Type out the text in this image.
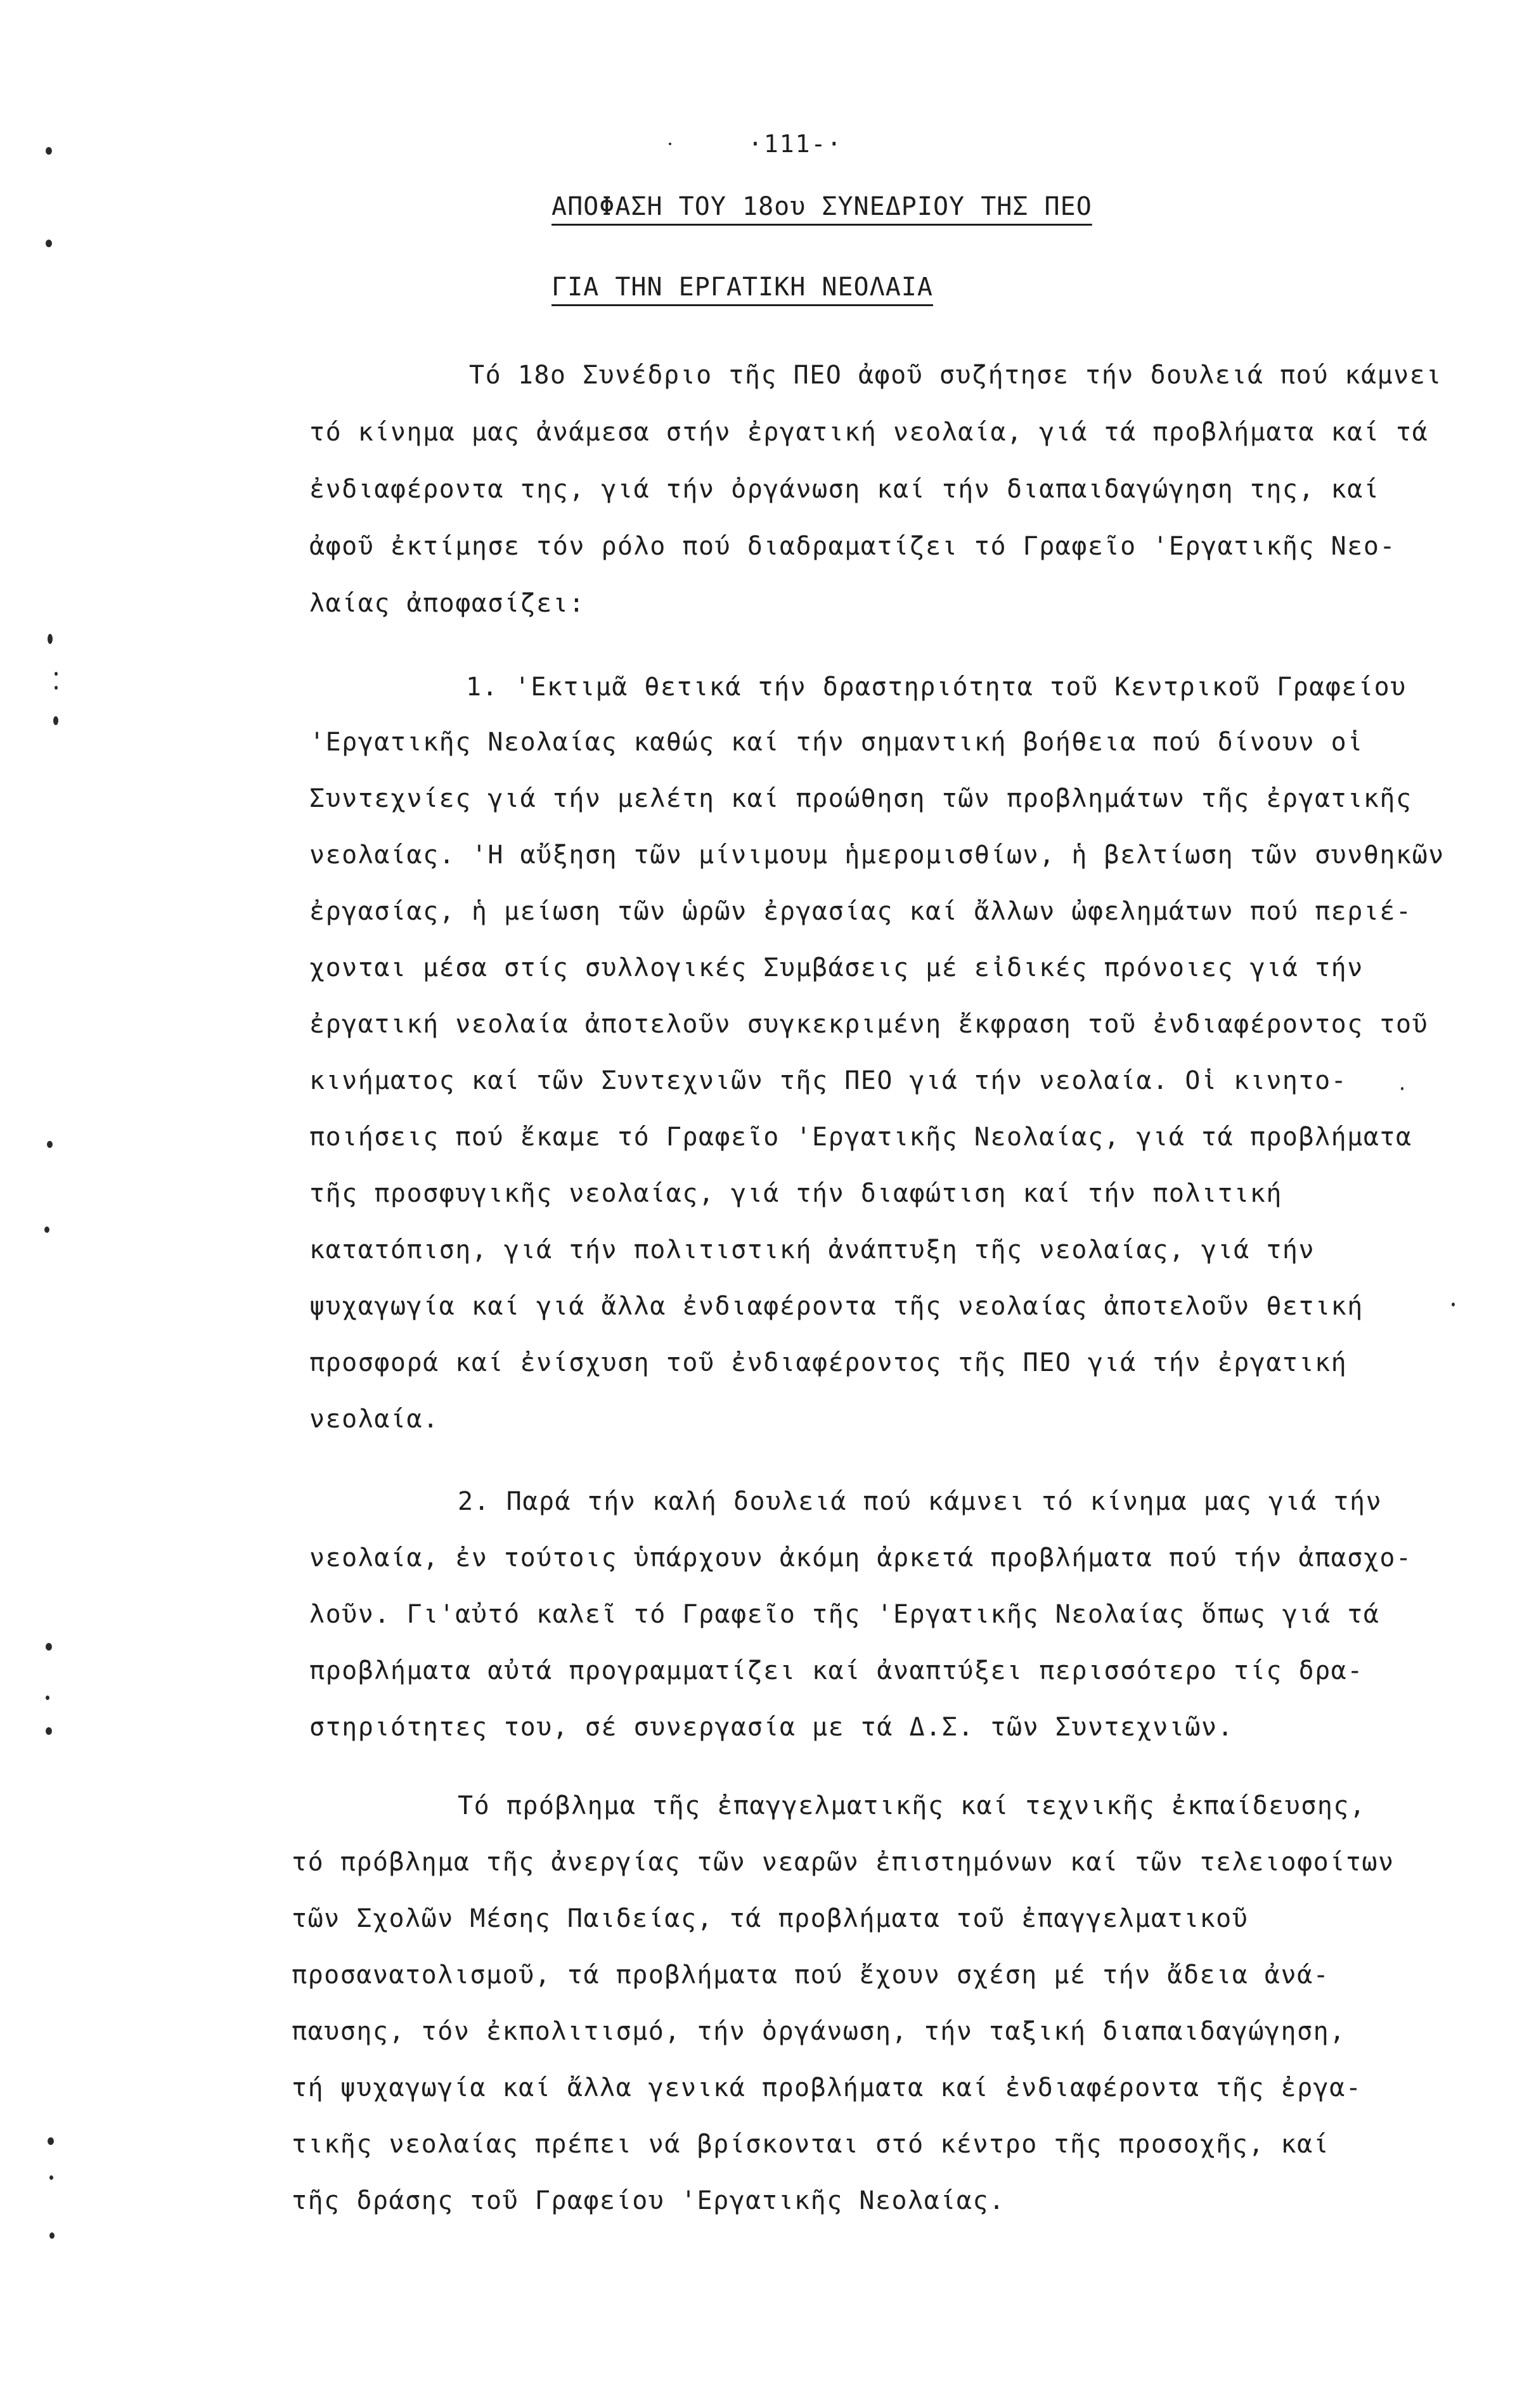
·111-·
ΑΠΟΦΑΣΗ ΤΟΥ 18ου ΣΥΝΕΔΡΙΟΥ ΤΗΣ ΠΕΟ
ΓΙΑ ΤΗΝ ΕΡΓΑΤΙΚΗ ΝΕΟΛΑΙΑ
Τό 18ο Συνέδριο τῆς ΠΕΟ ἀφοῦ συζήτησε τήν δουλειά πού κάμνει
τό κίνημα μας ἀνάμεσα στήν ἐργατική νεολαία, γιά τά προβλήματα καί τά
ἐνδιαφέροντα της, γιά τήν ὀργάνωση καί τήν διαπαιδαγώγηση της, καί
ἀφοῦ ἐκτίμησε τόν ρόλο πού διαδραματίζει τό Γραφεῖο 'Εργατικῆς Νεο-
λαίας ἀποφασίζει:
1. 'Εκτιμᾶ θετικά τήν δραστηριότητα τοῦ Κεντρικοῦ Γραφείου
'Εργατικῆς Νεολαίας καθώς καί τήν σημαντική βοήθεια πού δίνουν οἱ
Συντεχνίες γιά τήν μελέτη καί προώθηση τῶν προβλημάτων τῆς ἐργατικῆς
νεολαίας. 'Η αὔξηση τῶν μίνιμουμ ἡμερομισθίων, ἡ βελτίωση τῶν συνθηκῶν
ἐργασίας, ἡ μείωση τῶν ὡρῶν ἐργασίας καί ἄλλων ὠφελημάτων πού περιέ-
χονται μέσα στίς συλλογικές Συμβάσεις μέ εἰδικές πρόνοιες γιά τήν
ἐργατική νεολαία ἀποτελοῦν συγκεκριμένη ἔκφραση τοῦ ἐνδιαφέροντος τοῦ
κινήματος καί τῶν Συντεχνιῶν τῆς ΠΕΟ γιά τήν νεολαία. Οἱ κινητο-
ποιήσεις πού ἔκαμε τό Γραφεῖο 'Εργατικῆς Νεολαίας, γιά τά προβλήματα
τῆς προσφυγικῆς νεολαίας, γιά τήν διαφώτιση καί τήν πολιτική
κατατόπιση, γιά τήν πολιτιστική ἀνάπτυξη τῆς νεολαίας, γιά τήν
ψυχαγωγία καί γιά ἄλλα ἐνδιαφέροντα τῆς νεολαίας ἀποτελοῦν θετική
προσφορά καί ἐνίσχυση τοῦ ἐνδιαφέροντος τῆς ΠΕΟ γιά τήν ἐργατική
νεολαία.
2. Παρά τήν καλή δουλειά πού κάμνει τό κίνημα μας γιά τήν
νεολαία, ἐν τούτοις ὑπάρχουν ἀκόμη ἀρκετά προβλήματα πού τήν ἀπασχο-
λοῦν. Γι'αὐτό καλεῖ τό Γραφεῖο τῆς 'Εργατικῆς Νεολαίας ὅπως γιά τά
προβλήματα αὐτά προγραμματίζει καί ἀναπτύξει περισσότερο τίς δρα-
στηριότητες του, σέ συνεργασία με τά Δ.Σ. τῶν Συντεχνιῶν.
Τό πρόβλημα τῆς ἐπαγγελματικῆς καί τεχνικῆς ἐκπαίδευσης,
τό πρόβλημα τῆς ἀνεργίας τῶν νεαρῶν ἐπιστημόνων καί τῶν τελειοφοίτων
τῶν Σχολῶν Μέσης Παιδείας, τά προβλήματα τοῦ ἐπαγγελματικοῦ
προσανατολισμοῦ, τά προβλήματα πού ἔχουν σχέση μέ τήν ἄδεια ἀνά-
παυσης, τόν ἐκπολιτισμό, τήν ὀργάνωση, τήν ταξική διαπαιδαγώγηση,
τή ψυχαγωγία καί ἄλλα γενικά προβλήματα καί ἐνδιαφέροντα τῆς ἐργα-
τικῆς νεολαίας πρέπει νά βρίσκονται στό κέντρο τῆς προσοχῆς, καί
τῆς δράσης τοῦ Γραφείου 'Εργατικῆς Νεολαίας.
